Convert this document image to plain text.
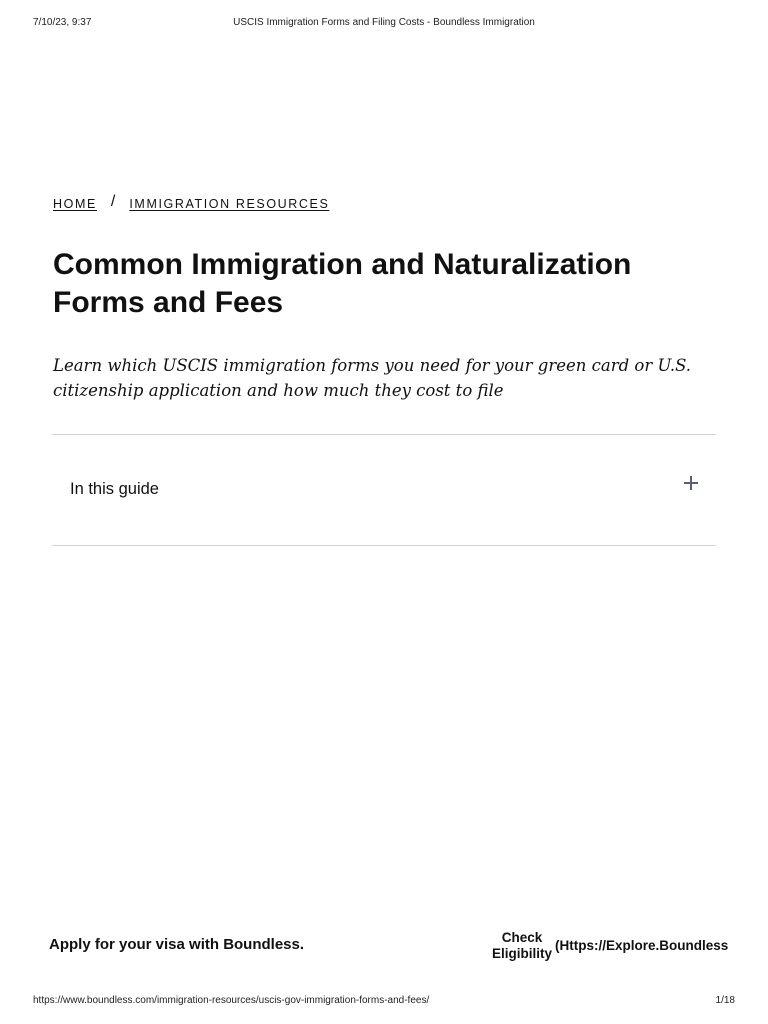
7/10/23, 9:37	USCIS Immigration Forms and Filing Costs - Boundless Immigration
HOME / IMMIGRATION RESOURCES
Common Immigration and Naturalization Forms and Fees

Learn which USCIS immigration forms you need for your green card or U.S. citizenship application and how much they cost to file

In this guide
Apply for your visa with Boundless.	Check
Eligibility
(Https://Explore.Boundless
https://www.boundless.com/immigration-resources/uscis-gov-immigration-forms-and-fees/	1/18
